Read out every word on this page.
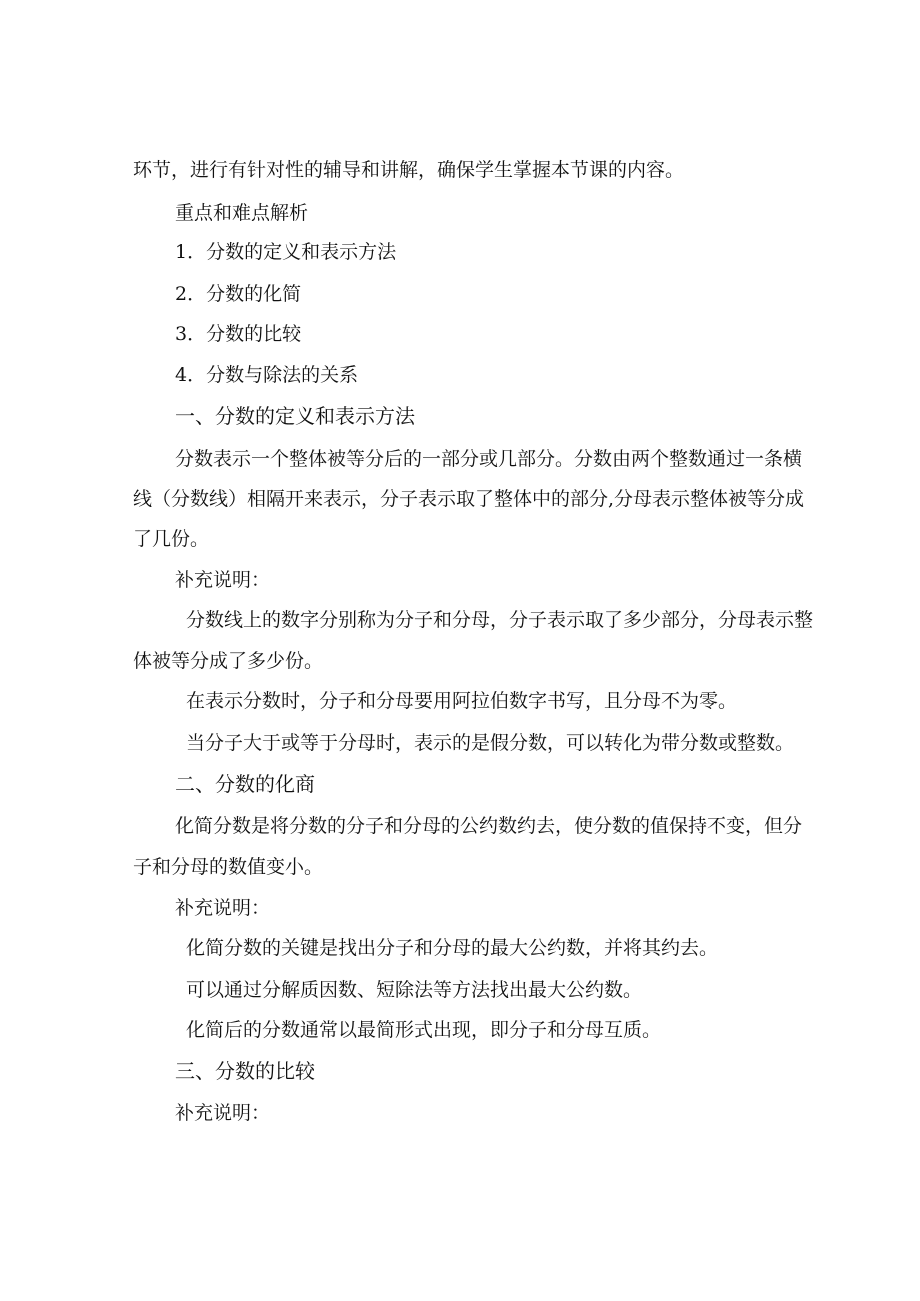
环节，进行有针对性的辅导和讲解，确保学生掌握本节课的内容。
重点和难点解析
1．分数的定义和表示方法
2．分数的化简
3．分数的比较
4．分数与除法的关系
一、分数的定义和表示方法
分数表示一个整体被等分后的一部分或几部分。分数由两个整数通过一条横
线（分数线）相隔开来表示，分子表示取了整体中的部分,分母表示整体被等分成
了几份。
补充说明：
分数线上的数字分别称为分子和分母，分子表示取了多少部分，分母表示整
体被等分成了多少份。
在表示分数时，分子和分母要用阿拉伯数字书写，且分母不为零。
当分子大于或等于分母时，表示的是假分数，可以转化为带分数或整数。
二、分数的化商
化简分数是将分数的分子和分母的公约数约去，使分数的值保持不变，但分
子和分母的数值变小。
补充说明：
化简分数的关键是找出分子和分母的最大公约数，并将其约去。
可以通过分解质因数、短除法等方法找出最大公约数。
化简后的分数通常以最简形式出现，即分子和分母互质。
三、分数的比较
补充说明：
